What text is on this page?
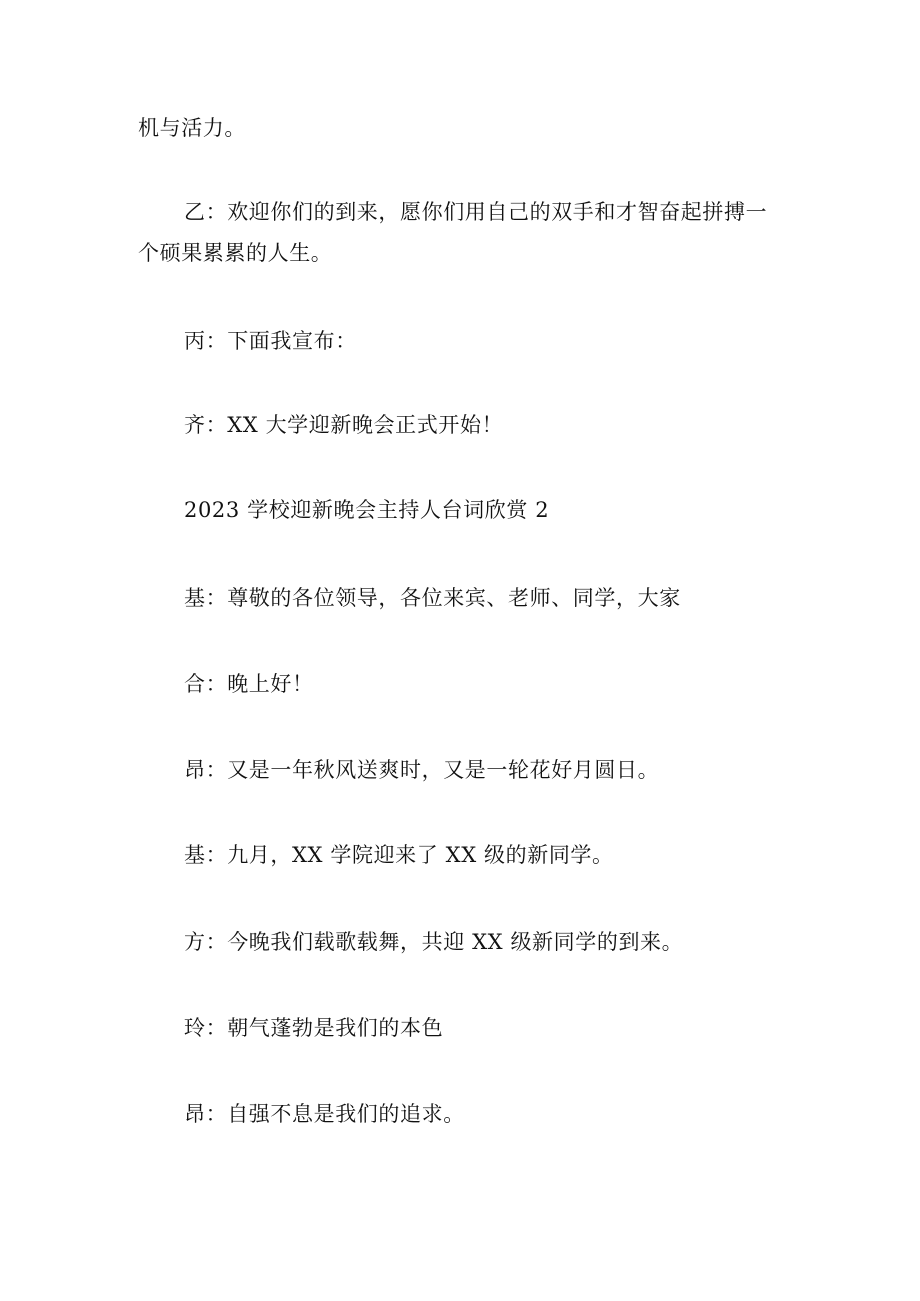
机与活力。
乙：欢迎你们的到来，愿你们用自己的双手和才智奋起拼搏一
个硕果累累的人生。
丙：下面我宣布：
齐：XX 大学迎新晚会正式开始！
2023 学校迎新晚会主持人台词欣赏 2
基：尊敬的各位领导，各位来宾、老师、同学，大家
合：晚上好！
昂：又是一年秋风送爽时，又是一轮花好月圆日。
基：九月，XX 学院迎来了 XX 级的新同学。
方：今晚我们载歌载舞，共迎 XX 级新同学的到来。
玲：朝气蓬勃是我们的本色
昂：自强不息是我们的追求。
